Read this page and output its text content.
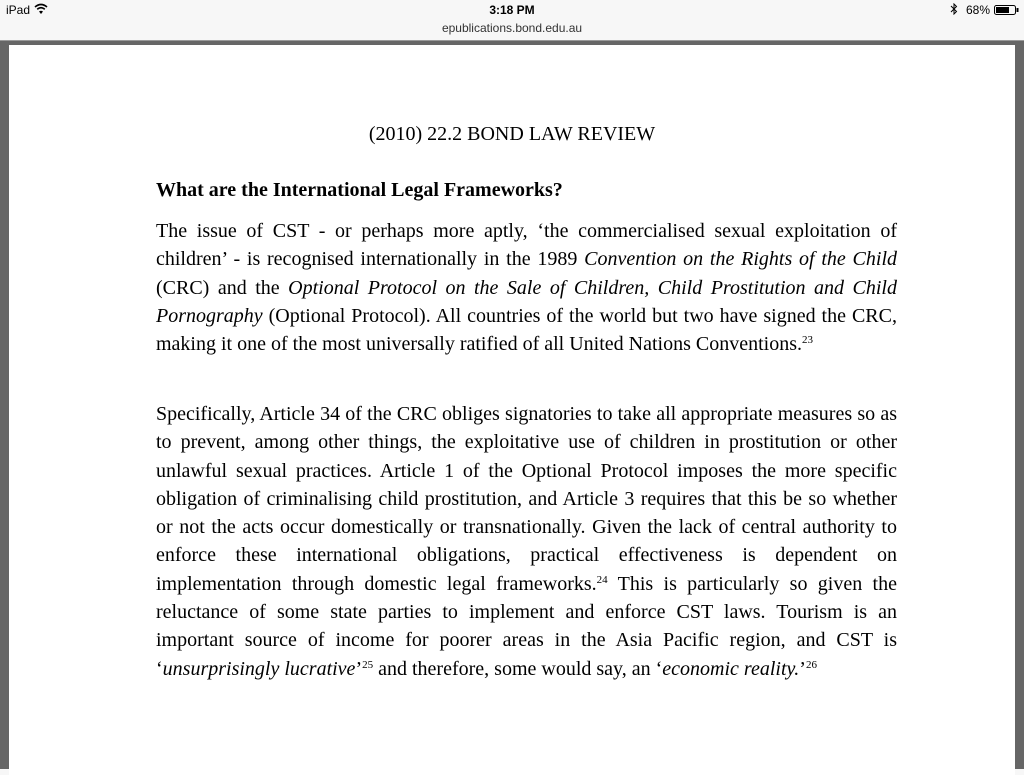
iPad	3:18 PM	68%
epublications.bond.edu.au
(2010) 22.2 BOND LAW REVIEW
What are the International Legal Frameworks?

The issue of CST - or perhaps more aptly, ‘the commercialised sexual exploitation of children’ - is recognised internationally in the 1989 Convention on the Rights of the Child (CRC) and the Optional Protocol on the Sale of Children, Child Prostitution and Child Pornography (Optional Protocol). All countries of the world but two have signed the CRC, making it one of the most universally ratified of all United Nations Conventions.$^{23}$

Specifically, Article 34 of the CRC obliges signatories to take all appropriate measures so as to prevent, among other things, the exploitative use of children in prostitution or other unlawful sexual practices. Article 1 of the Optional Protocol imposes the more specific obligation of criminalising child prostitution, and Article 3 requires that this be so whether or not the acts occur domestically or transnationally. Given the lack of central authority to enforce these international obligations, practical effectiveness is dependent on implementation through domestic legal frameworks.$^{24}$ This is particularly so given the reluctance of some state parties to implement and enforce CST laws. Tourism is an important source of income for poorer areas in the Asia Pacific region, and CST is ‘unsurprisingly lucrative’$^{25}$ and therefore, some would say, an ‘economic reality.’$^{26}$
